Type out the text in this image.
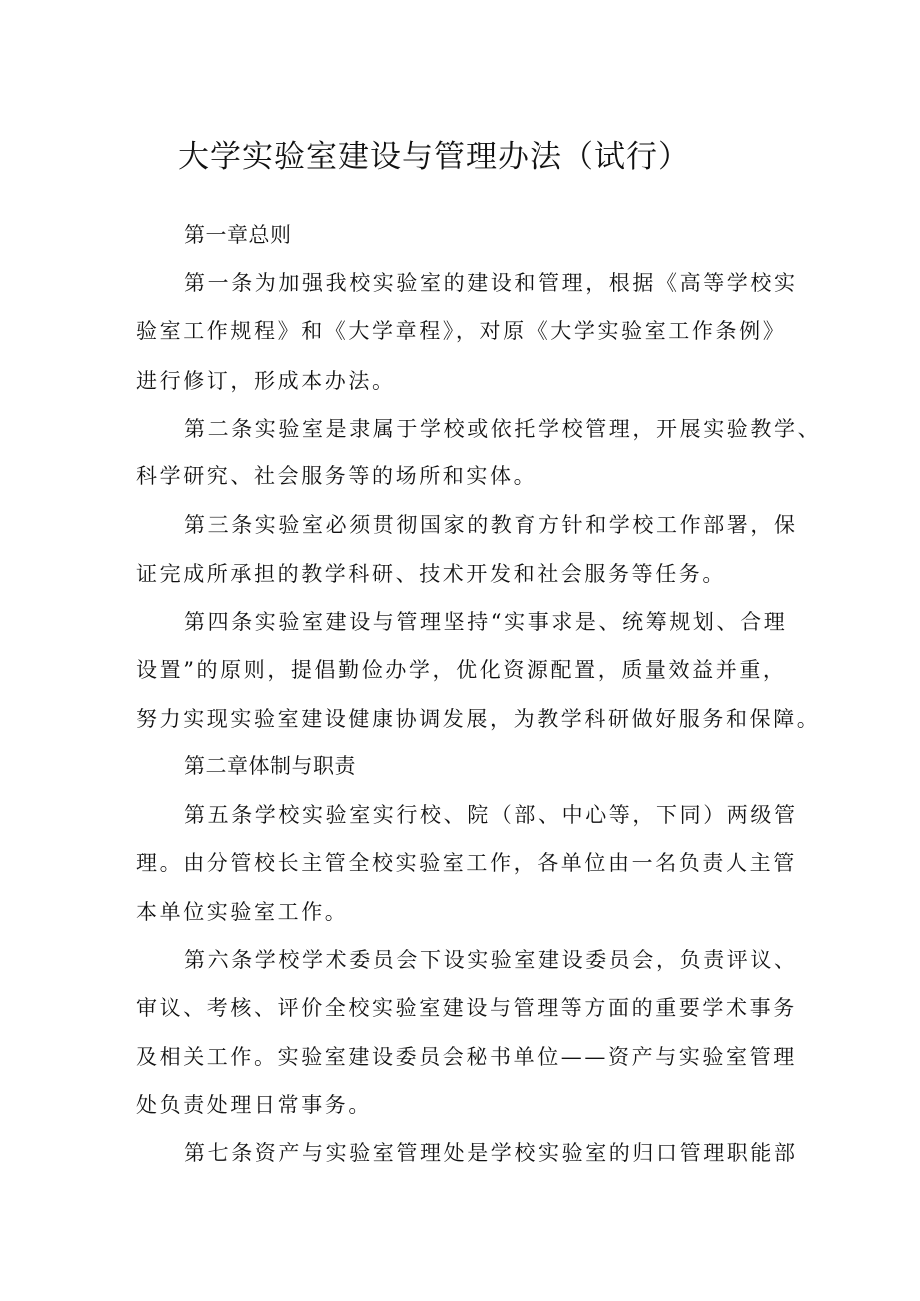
大学实验室建设与管理办法（试行）
第一章总则
第一条为加强我校实验室的建设和管理，根据《高等学校实
验室工作规程》和《大学章程》，对原《大学实验室工作条例》
进行修订，形成本办法。
第二条实验室是隶属于学校或依托学校管理，开展实验教学、
科学研究、社会服务等的场所和实体。
第三条实验室必须贯彻国家的教育方针和学校工作部署，保
证完成所承担的教学科研、技术开发和社会服务等任务。
第四条实验室建设与管理坚持“实事求是、统筹规划、合理
设置”的原则，提倡勤俭办学，优化资源配置，质量效益并重，
努力实现实验室建设健康协调发展，为教学科研做好服务和保障。
第二章体制与职责
第五条学校实验室实行校、院（部、中心等，下同）两级管
理。由分管校长主管全校实验室工作，各单位由一名负责人主管
本单位实验室工作。
第六条学校学术委员会下设实验室建设委员会，负责评议、
审议、考核、评价全校实验室建设与管理等方面的重要学术事务
及相关工作。实验室建设委员会秘书单位——资产与实验室管理
处负责处理日常事务。
第七条资产与实验室管理处是学校实验室的归口管理职能部
